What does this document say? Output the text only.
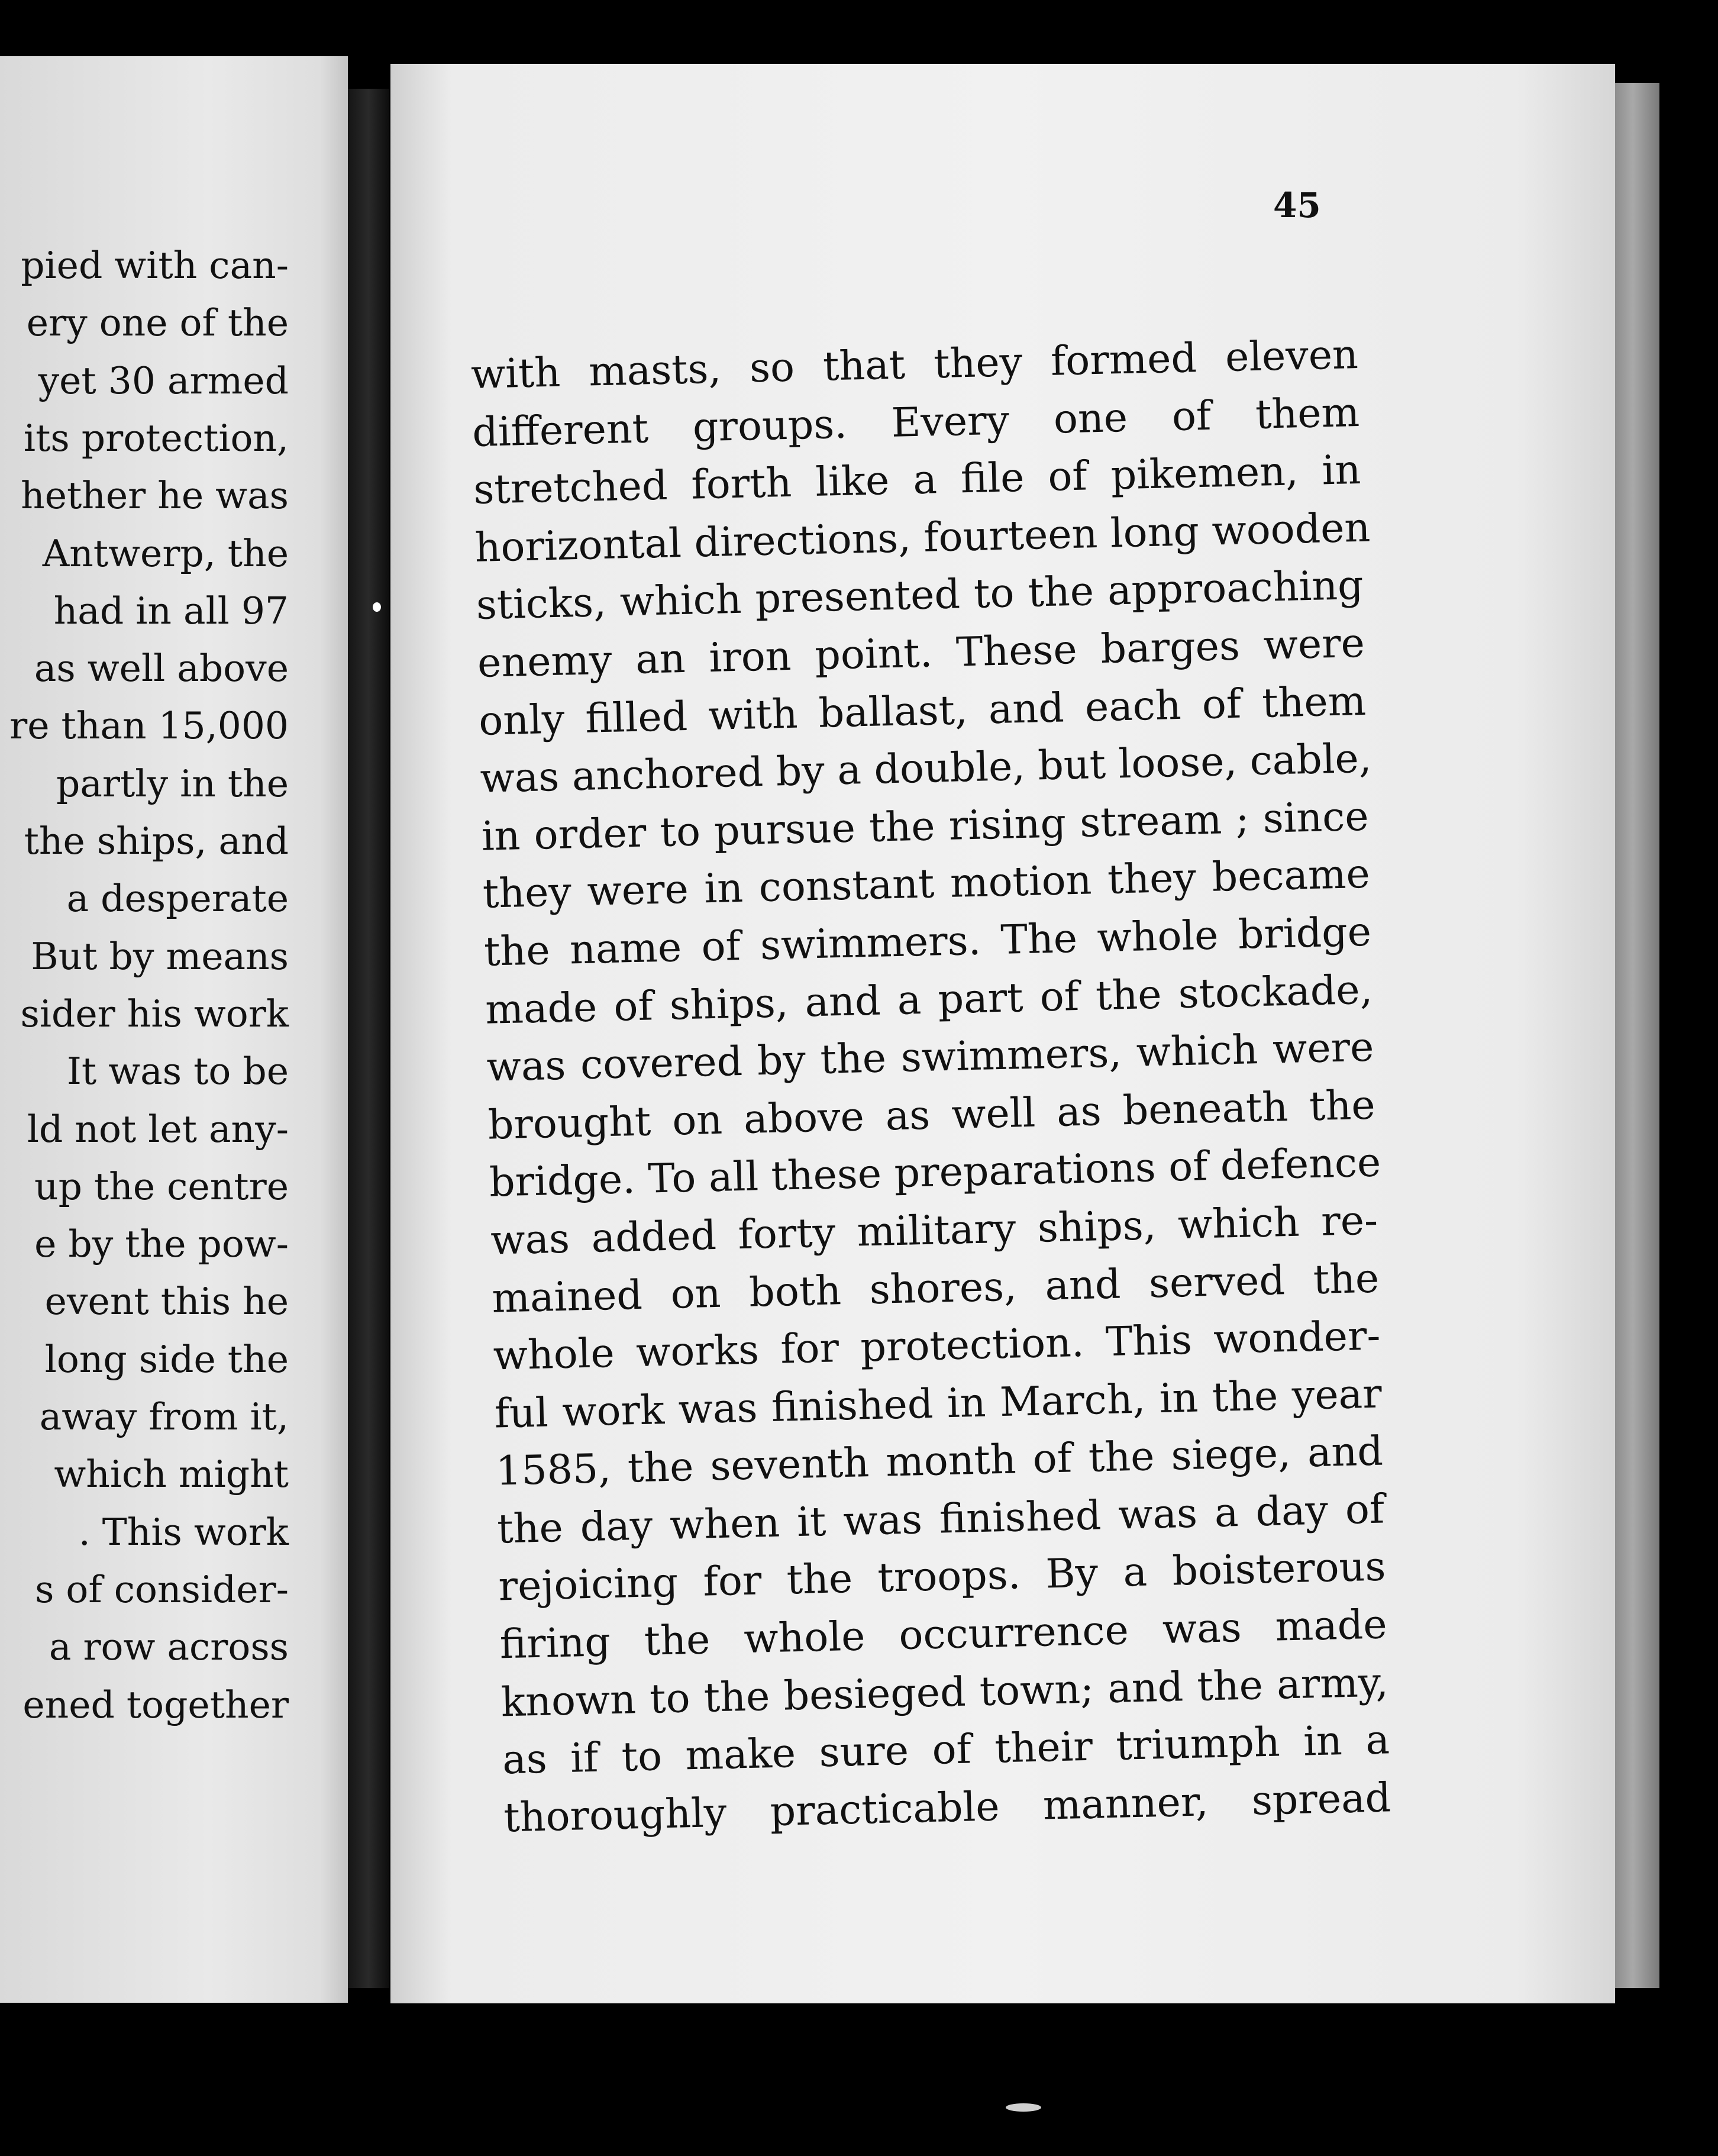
pied with can-
ery one of the
yet 30 armed
its protection,
hether he was
Antwerp, the
had in all 97
as well above
re than 15,000
partly in the
the ships, and
a desperate
But by means
sider his work
It was to be
ld not let any-
up the centre
e by the pow-
event this he
long side the
away from it,
which might
. This work
s of consider-
a row across
ened together
45
with masts, so that they formed eleven
different groups. Every one of them
stretched forth like a file of pikemen, in
horizontal directions, fourteen long wooden
sticks, which presented to the approaching
enemy an iron point. These barges were
only filled with ballast, and each of them
was anchored by a double, but loose, cable,
in order to pursue the rising stream ; since
they were in constant motion they became
the name of swimmers. The whole bridge
made of ships, and a part of the stockade,
was covered by the swimmers, which were
brought on above as well as beneath the
bridge. To all these preparations of defence
was added forty military ships, which re-
mained on both shores, and served the
whole works for protection. This wonder-
ful work was finished in March, in the year
1585, the seventh month of the siege, and
the day when it was finished was a day of
rejoicing for the troops. By a boisterous
firing the whole occurrence was made
known to the besieged town; and the army,
as if to make sure of their triumph in a
thoroughly practicable manner, spread
